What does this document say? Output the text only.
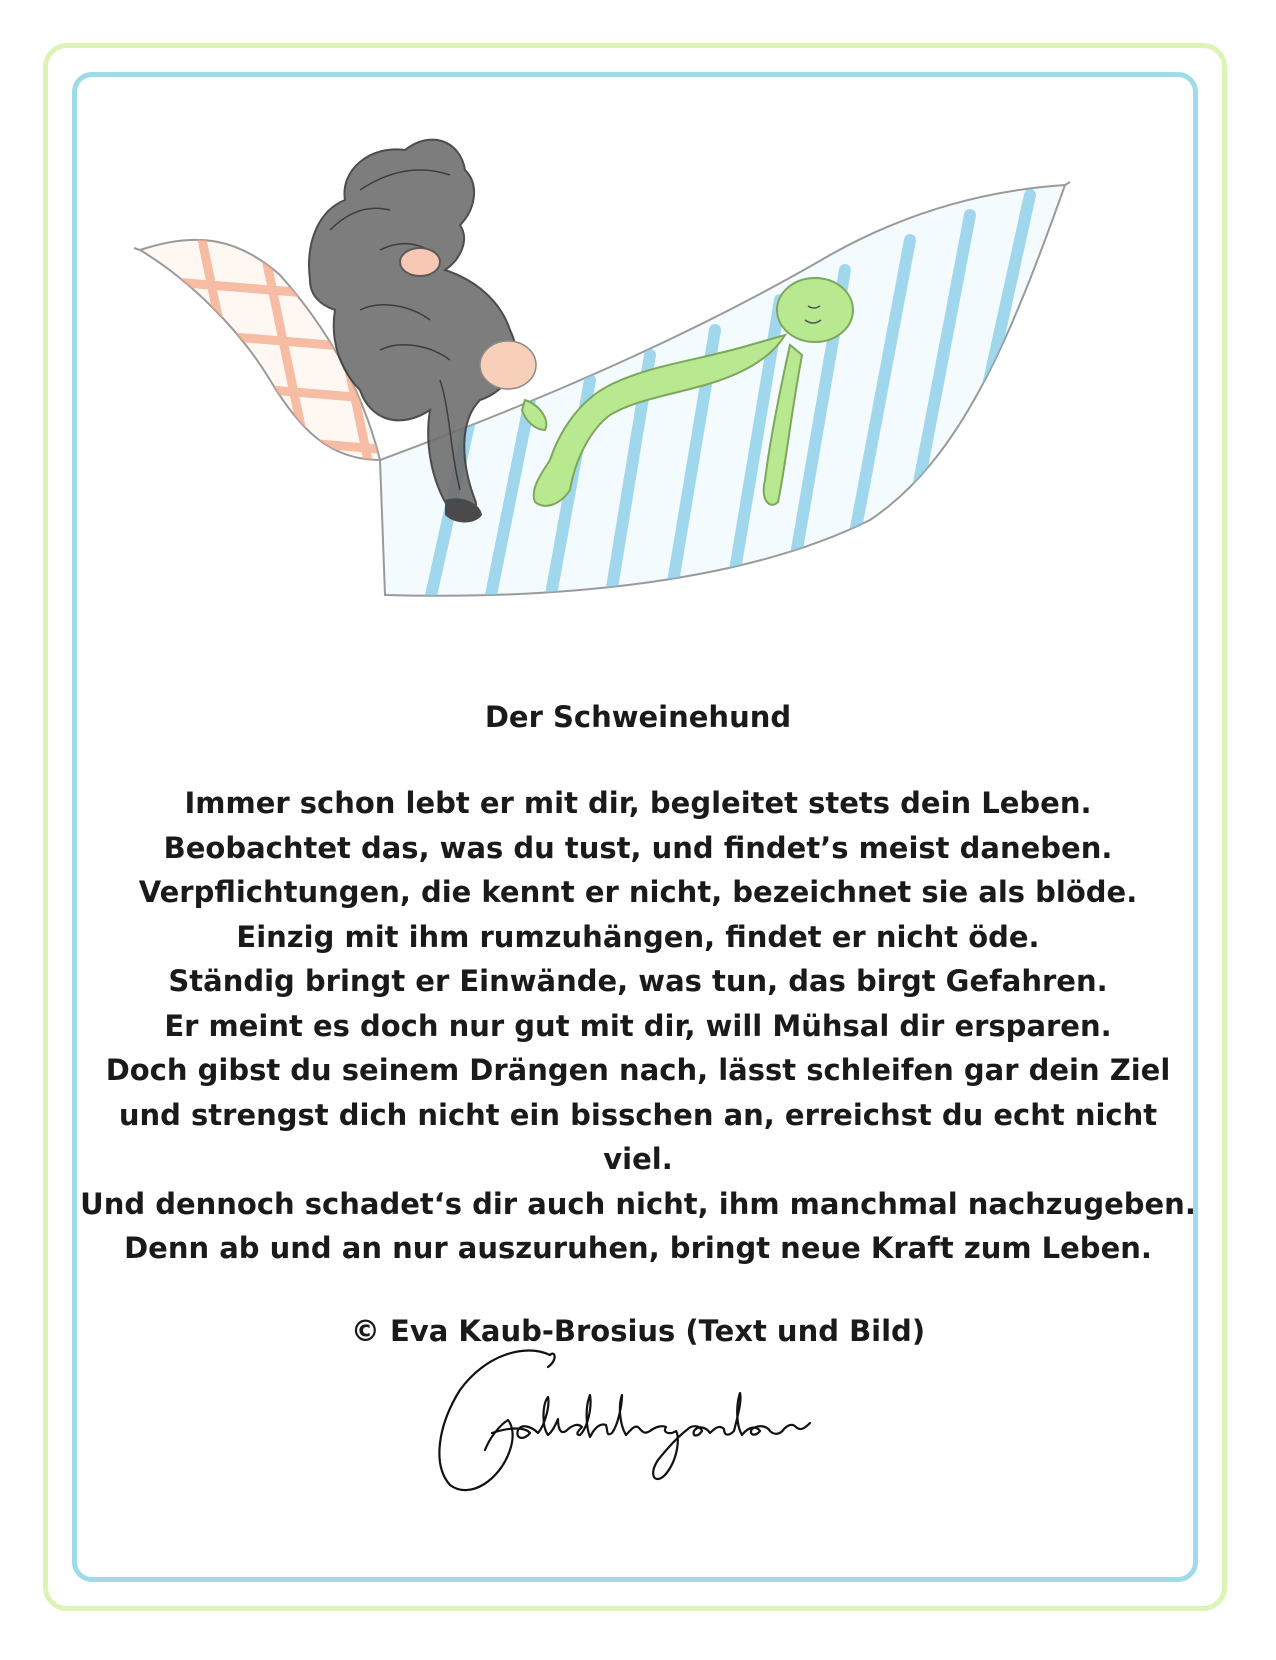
Der Schweinehund
Immer schon lebt er mit dir, begleitet stets dein Leben.
Beobachtet das, was du tust, und findet’s meist daneben.
Verpflichtungen, die kennt er nicht, bezeichnet sie als blöde.
Einzig mit ihm rumzuhängen, findet er nicht öde.
Ständig bringt er Einwände, was tun, das birgt Gefahren.
Er meint es doch nur gut mit dir, will Mühsal dir ersparen.
Doch gibst du seinem Drängen nach, lässt schleifen gar dein Ziel
und strengst dich nicht ein bisschen an, erreichst du echt nicht viel.
Und dennoch schadet‘s dir auch nicht, ihm manchmal nachzugeben.
Denn ab und an nur auszuruhen, bringt neue Kraft zum Leben.
© Eva Kaub-Brosius (Text und Bild)
